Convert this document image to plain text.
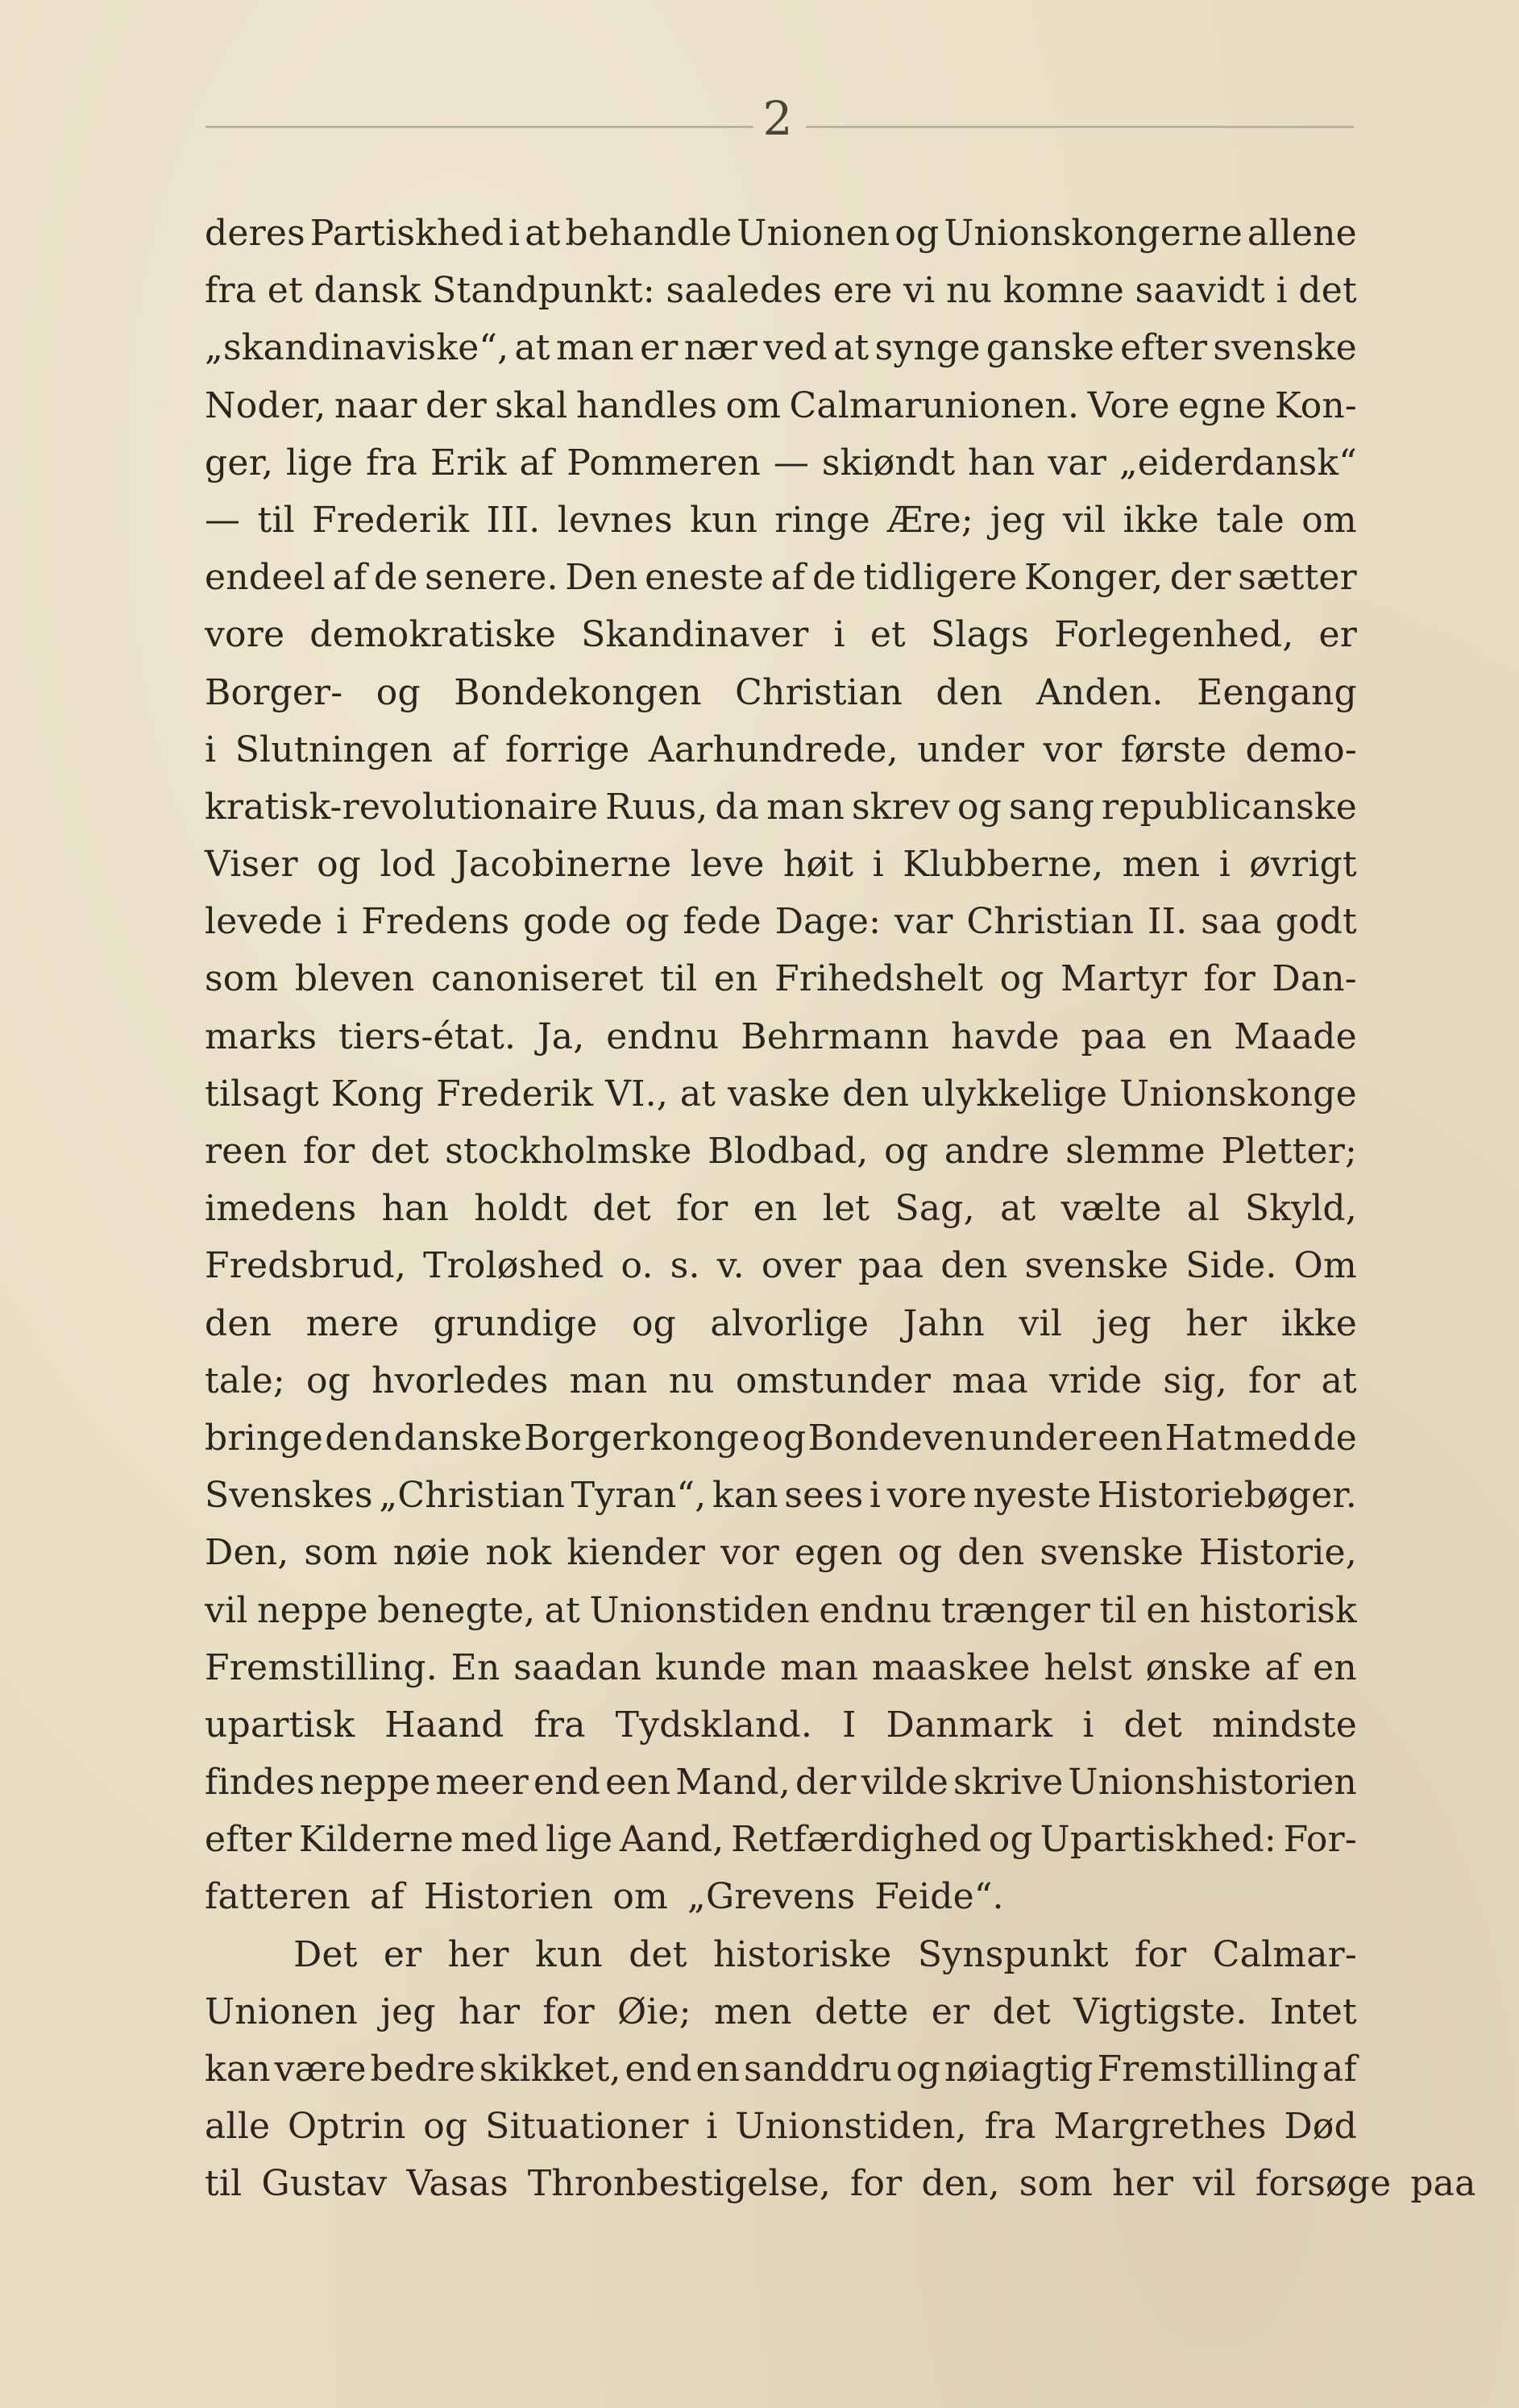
2
deres Partiskhed i at behandle Unionen og Unionskongerne allene
fra et dansk Standpunkt: saaledes ere vi nu komne saavidt i det
„skandinaviske“, at man er nær ved at synge ganske efter svenske
Noder, naar der skal handles om Calmarunionen. Vore egne Kon-
ger, lige fra Erik af Pommeren — skiøndt han var „eiderdansk“
— til Frederik III. levnes kun ringe Ære; jeg vil ikke tale om
endeel af de senere. Den eneste af de tidligere Konger, der sætter
vore demokratiske Skandinaver i et Slags Forlegenhed, er
Borger- og Bondekongen Christian den Anden. Eengang
i Slutningen af forrige Aarhundrede, under vor første demo-
kratisk-revolutionaire Ruus, da man skrev og sang republicanske
Viser og lod Jacobinerne leve høit i Klubberne, men i øvrigt
levede i Fredens gode og fede Dage: var Christian II. saa godt
som bleven canoniseret til en Frihedshelt og Martyr for Dan-
marks tiers-état. Ja, endnu Behrmann havde paa en Maade
tilsagt Kong Frederik VI., at vaske den ulykkelige Unionskonge
reen for det stockholmske Blodbad, og andre slemme Pletter;
imedens han holdt det for en let Sag, at vælte al Skyld,
Fredsbrud, Troløshed o. s. v. over paa den svenske Side. Om
den mere grundige og alvorlige Jahn vil jeg her ikke
tale; og hvorledes man nu omstunder maa vride sig, for at
bringe den danske Borgerkonge og Bondeven under een Hat med de
Svenskes „Christian Tyran“, kan sees i vore nyeste Historiebøger.
Den, som nøie nok kiender vor egen og den svenske Historie,
vil neppe benegte, at Unionstiden endnu trænger til en historisk
Fremstilling. En saadan kunde man maaskee helst ønske af en
upartisk Haand fra Tydskland. I Danmark i det mindste
findes neppe meer end een Mand, der vilde skrive Unionshistorien
efter Kilderne med lige Aand, Retfærdighed og Upartiskhed: For-
fatteren af Historien om „Grevens Feide“.
Det er her kun det historiske Synspunkt for Calmar-
Unionen jeg har for Øie; men dette er det Vigtigste. Intet
kan være bedre skikket, end en sanddru og nøiagtig Fremstilling af
alle Optrin og Situationer i Unionstiden, fra Margrethes Død
til Gustav Vasas Thronbestigelse, for den, som her vil forsøge paa
